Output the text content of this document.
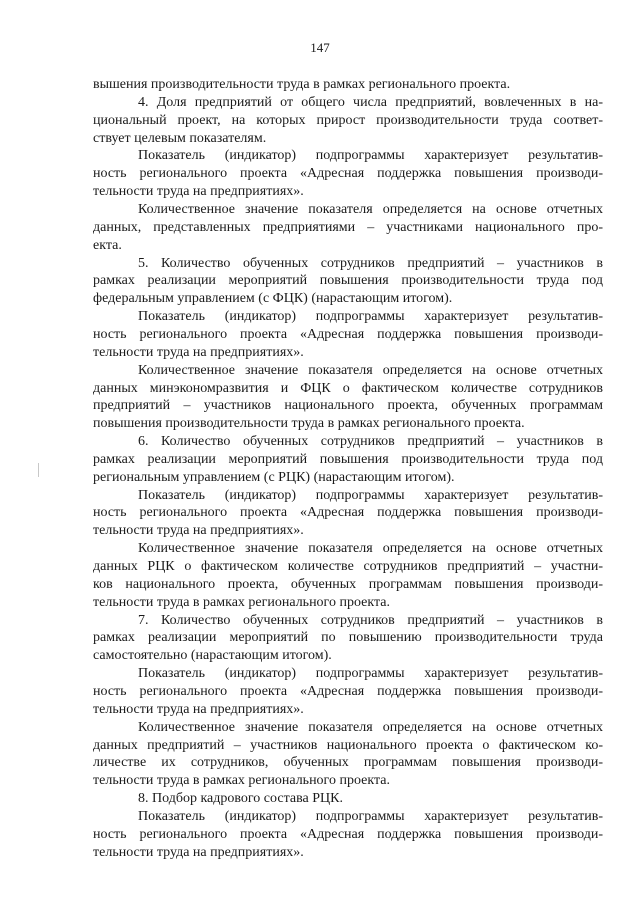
147
вышения производительности труда в рамках регионального проекта.
4. Доля предприятий от общего числа предприятий, вовлеченных в на-
циональный проект, на которых прирост производительности труда соответ-
ствует целевым показателям.
Показатель (индикатор) подпрограммы характеризует результатив-
ность регионального проекта «Адресная поддержка повышения производи-
тельности труда на предприятиях».
Количественное значение показателя определяется на основе отчетных
данных, представленных предприятиями – участниками национального про-
екта.
5. Количество обученных сотрудников предприятий – участников в
рамках реализации мероприятий повышения производительности труда под
федеральным управлением (с ФЦК) (нарастающим итогом).
Показатель (индикатор) подпрограммы характеризует результатив-
ность регионального проекта «Адресная поддержка повышения производи-
тельности труда на предприятиях».
Количественное значение показателя определяется на основе отчетных
данных минэкономразвития и ФЦК о фактическом количестве сотрудников
предприятий – участников национального проекта, обученных программам
повышения производительности труда в рамках регионального проекта.
6. Количество обученных сотрудников предприятий – участников в
рамках реализации мероприятий повышения производительности труда под
региональным управлением (с РЦК) (нарастающим итогом).
Показатель (индикатор) подпрограммы характеризует результатив-
ность регионального проекта «Адресная поддержка повышения производи-
тельности труда на предприятиях».
Количественное значение показателя определяется на основе отчетных
данных РЦК о фактическом количестве сотрудников предприятий – участни-
ков национального проекта, обученных программам повышения производи-
тельности труда в рамках регионального проекта.
7. Количество обученных сотрудников предприятий – участников в
рамках реализации мероприятий по повышению производительности труда
самостоятельно (нарастающим итогом).
Показатель (индикатор) подпрограммы характеризует результатив-
ность регионального проекта «Адресная поддержка повышения производи-
тельности труда на предприятиях».
Количественное значение показателя определяется на основе отчетных
данных предприятий – участников национального проекта о фактическом ко-
личестве их сотрудников, обученных программам повышения производи-
тельности труда в рамках регионального проекта.
8. Подбор кадрового состава РЦК.
Показатель (индикатор) подпрограммы характеризует результатив-
ность регионального проекта «Адресная поддержка повышения производи-
тельности труда на предприятиях».
